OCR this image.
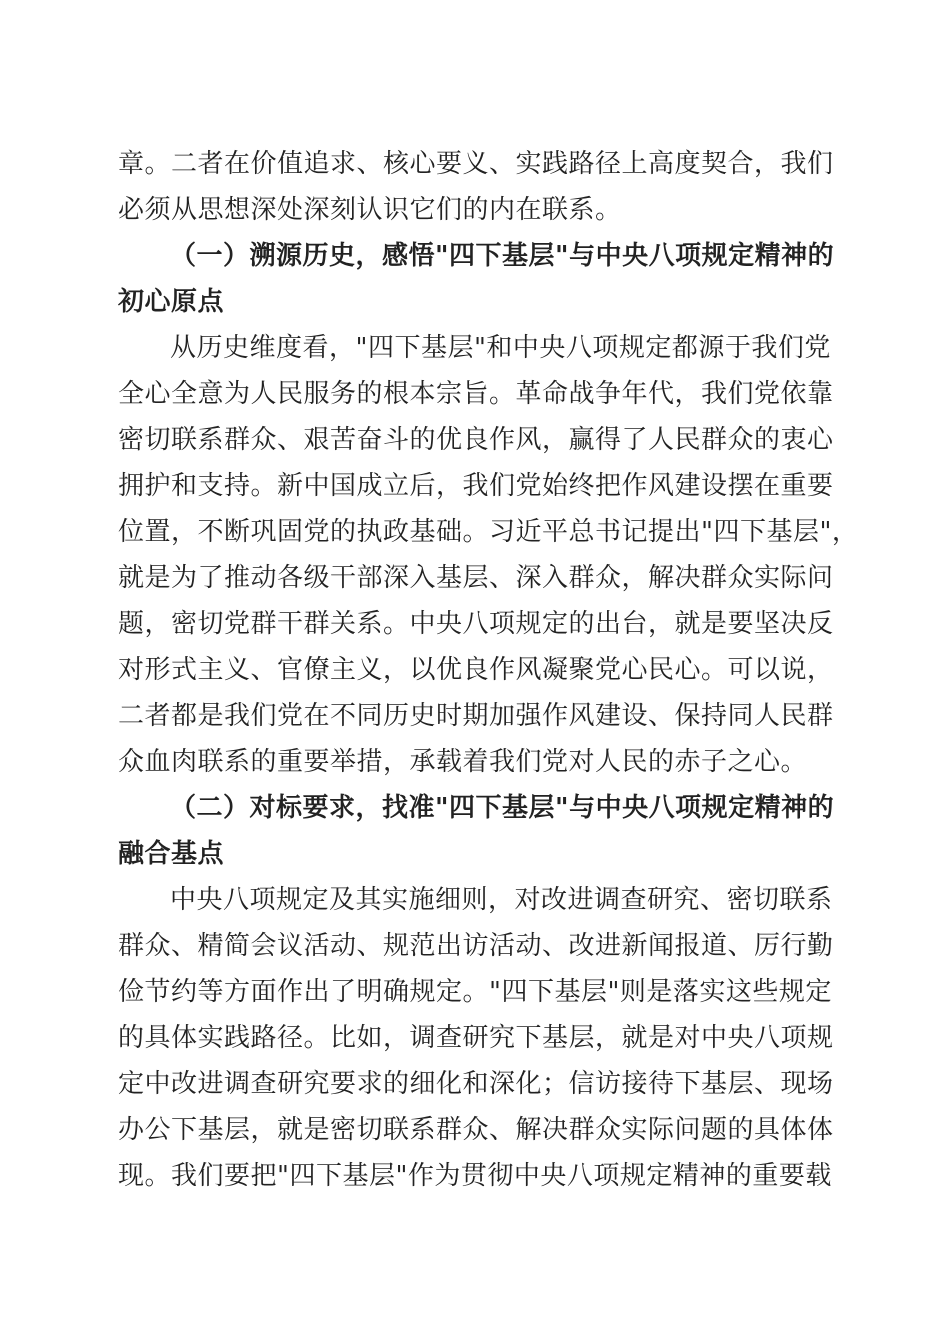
章。二者在价值追求、核心要义、实践路径上高度契合，我们
必须从思想深处深刻认识它们的内在联系。
（一）溯源历史，感悟"四下基层"与中央八项规定精神的
初心原点
从历史维度看，"四下基层"和中央八项规定都源于我们党
全心全意为人民服务的根本宗旨。革命战争年代，我们党依靠
密切联系群众、艰苦奋斗的优良作风，赢得了人民群众的衷心
拥护和支持。新中国成立后，我们党始终把作风建设摆在重要
位置，不断巩固党的执政基础。习近平总书记提出"四下基层"，
就是为了推动各级干部深入基层、深入群众，解决群众实际问
题，密切党群干群关系。中央八项规定的出台，就是要坚决反
对形式主义、官僚主义，以优良作风凝聚党心民心。可以说，
二者都是我们党在不同历史时期加强作风建设、保持同人民群
众血肉联系的重要举措，承载着我们党对人民的赤子之心。
（二）对标要求，找准"四下基层"与中央八项规定精神的
融合基点
中央八项规定及其实施细则，对改进调查研究、密切联系
群众、精简会议活动、规范出访活动、改进新闻报道、厉行勤
俭节约等方面作出了明确规定。"四下基层"则是落实这些规定
的具体实践路径。比如，调查研究下基层，就是对中央八项规
定中改进调查研究要求的细化和深化；信访接待下基层、现场
办公下基层，就是密切联系群众、解决群众实际问题的具体体
现。我们要把"四下基层"作为贯彻中央八项规定精神的重要载
